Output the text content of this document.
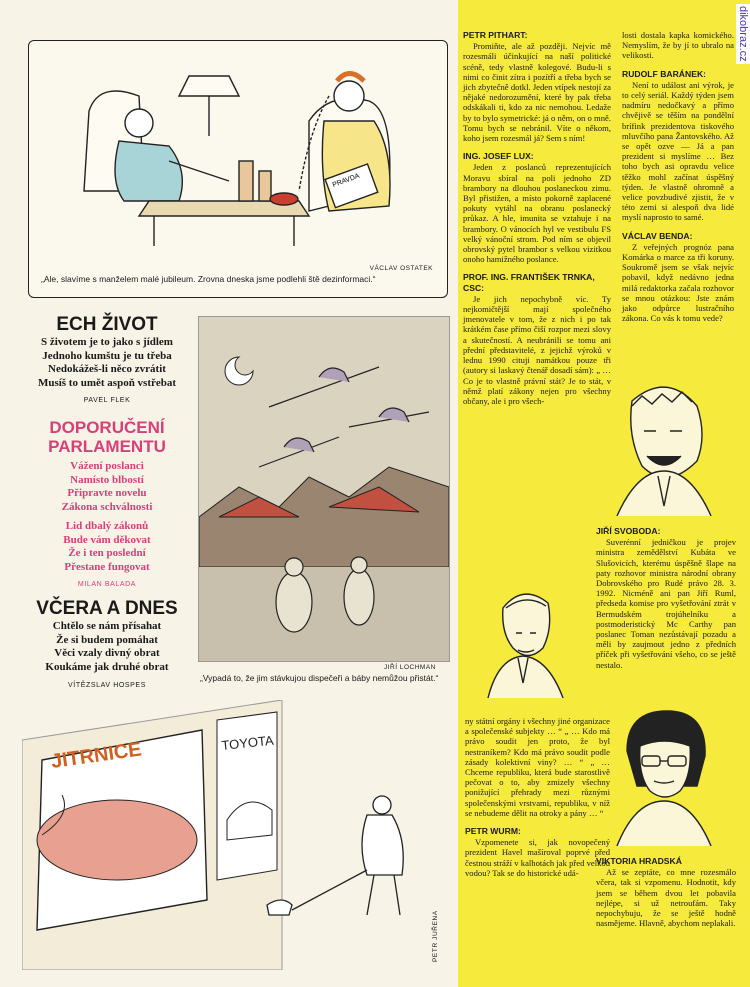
PRAVDA
VÁCLAV OSTATEK
„Ale, slavíme s manželem malé jubileum. Zrovna dneska jsme podlehli ště dezinformaci.“
ECH ŽIVOT
S životem je to jako s jídlem
Jednoho kumštu je tu třeba
Nedokážeš-li něco zvrátit
Musíš to umět aspoň vstřebat
PAVEL FLEK
DOPORUČENÍ PARLAMENTU
Vážení poslanci
Namísto blbostí
Připravte novelu
Zákona schválnosti
Lid dbalý zákonů
Bude vám děkovat
Že i ten poslední
Přestane fungovat
MILAN BALADA
VČERA A DNES
Chtělo se nám přísahat
Že si budem pomáhat
Věci vzaly divný obrat
Koukáme jak druhé obrat
VÍTĚZSLAV HOSPES
JIŘÍ LOCHMAN
„Vypadá to, že jim stávkujou dispečeři a báby nemůžou přistát.“
JITRNICE	TOYOTA
PETR JUŘENA
PETR PITHART:

Promiňte, ale až později. Nejvíc mě rozesmáli účinkující na naší politické scéně, tedy vlastně kolegové. Budu-li s nimi co činit zítra i pozítří a třeba bych se jich zbytečně dotkl. Jeden vtípek nestojí za nějaké nedorozumění, které by pak třeba odskákali ti, kdo za nic nemohou. Ledaže by to bylo symetrické: já o něm, on o mně. Tomu bych se nebránil. Víte o někom, koho jsem rozesmál já? Sem s ním!

ING. JOSEF LUX:

Jeden z poslanců reprezentujících Moravu sbíral na poli jednoho ZD brambory na dlouhou poslaneckou zimu. Byl přistižen, a místo pokorně zaplacené pokuty vytáhl na obranu poslanecký průkaz. A hle, imunita se vztahuje i na brambory. O vánocích hyl ve vestibulu FS velký vánoční strom. Pod ním se objevil obrovský pytel brambor s velkou vizitkou onoho hamižného poslance.

PROF. ING. FRANTIŠEK TRNKA, CSC:

Je jich nepochybně víc. Ty nejkomičtější mají společného jmenovatele v tom, že z nich i po tak krátkém čase přímo čiší rozpor mezi slovy a skutečností. A neubránili se tomu ani přední představitelé, z jejichž výroků v lednu 1990 cituji namátkou pouze tři (autory si laskavý čtenář dosadí sám): „ … Co je to vlastně právní stát? Je to stát, v němž platí zákony nejen pro všechny občany, ale i pro všech-

ny státní orgány i všechny jiné organizace a společenské subjekty … “ „ … Kdo má právo soudit jen proto, že byl nestraníkem? Kdo má právo soudit podle zásady kolektivní viny? … “ „ … Chceme republiku, která bude starostlivě pečovat o to, aby zmizely všechny ponižující přehrady mezi různými společenskými vrstvami, republiku, v níž se nebudeme dělit na otroky a pány … “

PETR WURM:

Vzpomenete si, jak novopečený prezident Havel mašíroval poprvé před čestnou stráží v kalhotách jak před velkou vodou? Tak se do historické udá-

losti dostala kapka komického. Nemyslím, že by jí to ubralo na velikosti.

RUDOLF BARÁNEK:

Není to událost ani výrok, je to celý seriál. Každý týden jsem nadmíru nedočkavý a přímo chvějivě se těším na pondělní brífink prezidentova tiskového mluvčího pana Žantovského. Až se opět ozve — Já a pan prezident si myslíme … Bez toho bych asi opravdu velice těžko mohl začínat úspěšný týden. Je vlastně ohromně a velice povzbudivé zjistit, že v této zemi si alespoň dva lidé myslí naprosto to samé.

VÁCLAV BENDA:

Z veřejných prognóz pana Komárka o marce za tři koruny. Soukromě jsem se však nejvíc pobavil, když nedávno jedna milá redaktorka začala rozhovor se mnou otázkou: Jste znám jako odpůrce lustračního zákona. Co vás k tomu vede?

JIŘÍ SVOBODA:

Suverénní jedničkou je projev ministra zemědělství Kubáta ve Slušovicích, kterému úspěšně šlape na paty rozhovor ministra národní obrany Dobrovského pro Rudé právo 28. 3. 1992. Nicméně ani pan Jiří Ruml, předseda komise pro vyšetřování ztrát v Bermudském trojúhelníku a postmoderistický Mc Carthy pan poslanec Toman nezůstávají pozadu a měli by zaujmout jedno z předních příček při vyšetřování všeho, co se ještě nestalo.

VIKTORIA HRADSKÁ

Až se zeptáte, co mne rozesmálo včera, tak si vzpomenu. Hodnotit, kdy jsem se během dvou let pobavila nejlépe, si už netroufám. Taky nepochybuju, že se ještě hodně nasmějeme. Hlavně, abychom neplakali.

dikobraz.cz
